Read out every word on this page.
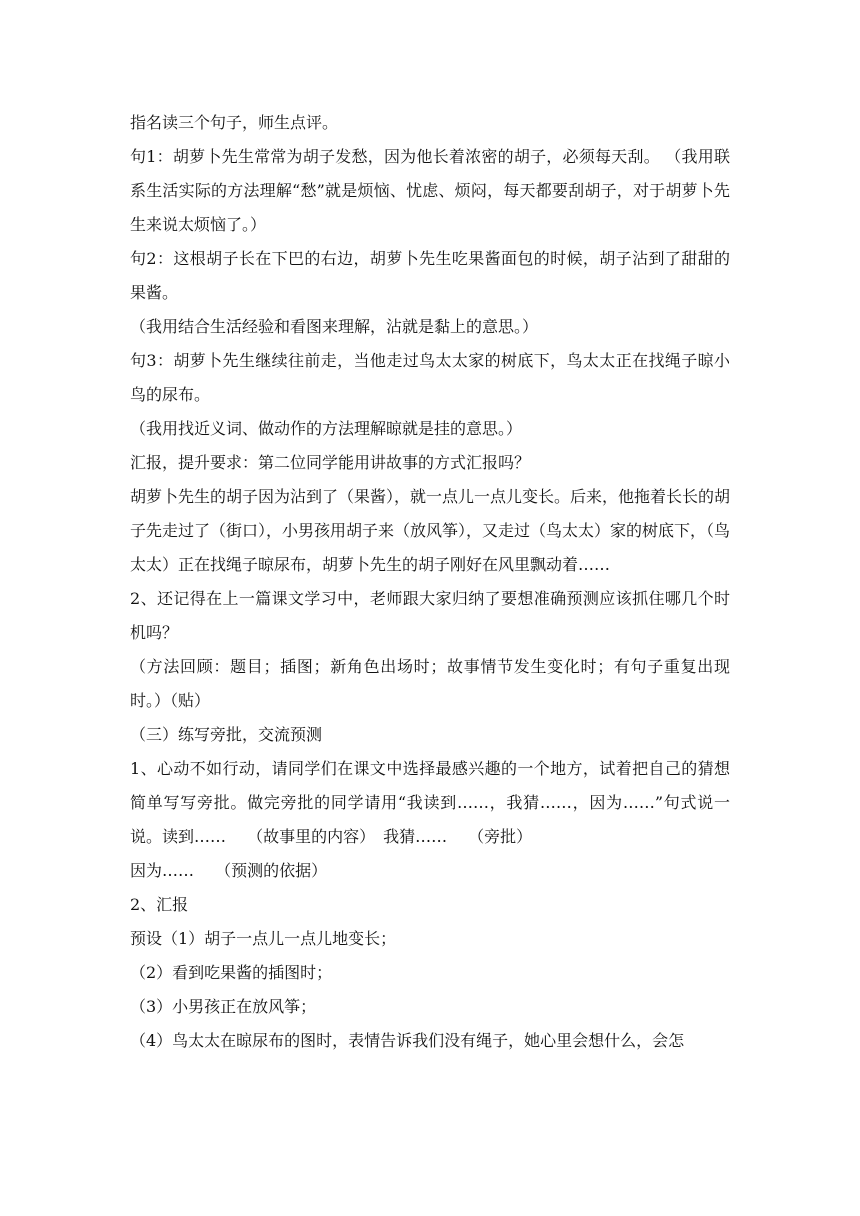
指名读三个句子，师生点评。

句1：胡萝卜先生常常为胡子发愁，因为他长着浓密的胡子，必须每天刮。 （我用联系生活实际的方法理解“愁”就是烦恼、忧虑、烦闷，每天都要刮胡子，对于胡萝卜先生来说太烦恼了。）

句2：这根胡子长在下巴的右边，胡萝卜先生吃果酱面包的时候，胡子沾到了甜甜的果酱。

（我用结合生活经验和看图来理解，沾就是黏上的意思。）

句3：胡萝卜先生继续往前走，当他走过鸟太太家的树底下，鸟太太正在找绳子晾小鸟的尿布。

（我用找近义词、做动作的方法理解晾就是挂的意思。）

汇报，提升要求：第二位同学能用讲故事的方式汇报吗？

胡萝卜先生的胡子因为沾到了（果酱），就一点儿一点儿变长。后来，他拖着长长的胡子先走过了（街口），小男孩用胡子来（放风筝），又走过（鸟太太）家的树底下，（鸟太太）正在找绳子晾尿布，胡萝卜先生的胡子刚好在风里飘动着……

2、还记得在上一篇课文学习中，老师跟大家归纳了要想准确预测应该抓住哪几个时机吗？

（方法回顾：题目；插图；新角色出场时；故事情节发生变化时；有句子重复出现时。）（贴）

（三）练写旁批，交流预测

1、心动不如行动，请同学们在课文中选择最感兴趣的一个地方，试着把自己的猜想简单写写旁批。做完旁批的同学请用“我读到……，我猜……，因为……”句式说一说。读到……　 （故事里的内容）　我猜……　 （旁批）

因为……　 （预测的依据）

2、汇报

预设（1）胡子一点儿一点儿地变长；

（2）看到吃果酱的插图时；

（3）小男孩正在放风筝；

（4）鸟太太在晾尿布的图时，表情告诉我们没有绳子，她心里会想什么，会怎
